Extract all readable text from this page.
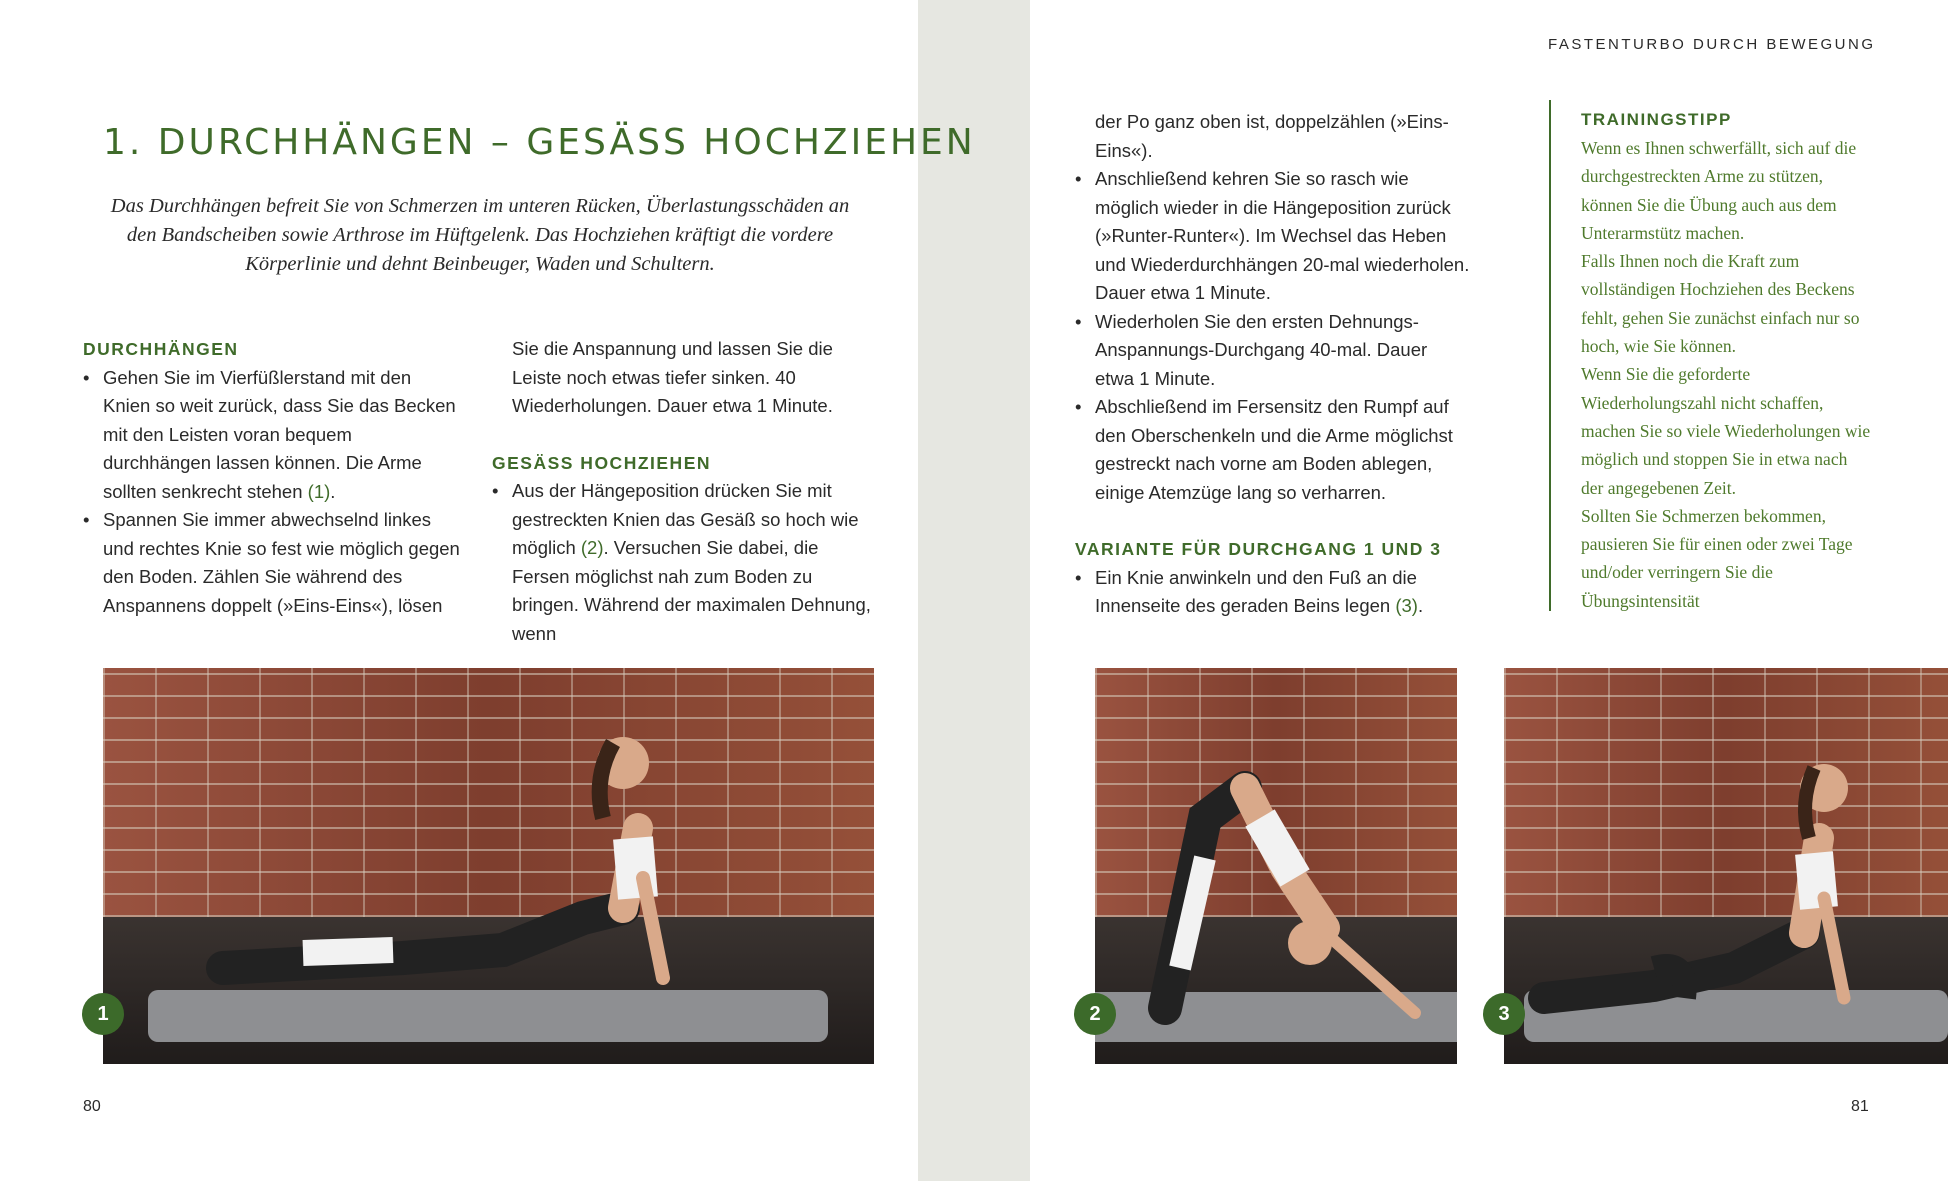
1. DURCHHÄNGEN – GESÄSS HOCHZIEHEN

Das Durchhängen befreit Sie von Schmerzen im unteren Rücken, Überlastungsschäden an den Bandscheiben sowie Arthrose im Hüftgelenk. Das Hochziehen kräftigt die vordere Körperlinie und dehnt Beinbeuger, Waden und Schultern.

DURCHHÄNGEN
• Gehen Sie im Vierfüßlerstand mit den Knien so weit zurück, dass Sie das Becken mit den Leisten voran bequem durchhängen lassen können. Die Arme sollten senkrecht stehen (1).
• Spannen Sie immer abwechselnd linkes und rechtes Knie so fest wie möglich gegen den Boden. Zählen Sie während des Anspannens doppelt (»Eins-Eins«), lösen

Sie die Anspannung und lassen Sie die Leiste noch etwas tiefer sinken. 40 Wiederholungen. Dauer etwa 1 Minute.

GESÄSS HOCHZIEHEN
• Aus der Hängeposition drücken Sie mit gestreckten Knien das Gesäß so hoch wie möglich (2). Versuchen Sie dabei, die Fersen möglichst nah zum Boden zu bringen. Während der maximalen Dehnung, wenn
1
80
FASTENTURBO DURCH BEWEGUNG

der Po ganz oben ist, doppelzählen (»Eins-Eins«).

• Anschließend kehren Sie so rasch wie möglich wieder in die Hängeposition zurück (»Runter-Runter«). Im Wechsel das Heben und Wiederdurchhängen 20-mal wiederholen. Dauer etwa 1 Minute.
• Wiederholen Sie den ersten Dehnungs-Anspannungs-Durchgang 40-mal. Dauer etwa 1 Minute.
• Abschließend im Fersensitz den Rumpf auf den Oberschenkeln und die Arme möglichst gestreckt nach vorne am Boden ablegen, einige Atemzüge lang so verharren.
VARIANTE FÜR DURCHGANG 1 UND 3
• Ein Knie anwinkeln und den Fuß an die Innenseite des geraden Beins legen (3).
TRAININGSTIPP

Wenn es Ihnen schwerfällt, sich auf die durchgestreckten Arme zu stützen, können Sie die Übung auch aus dem Unterarmstütz machen.

Falls Ihnen noch die Kraft zum vollständigen Hochziehen des Beckens fehlt, gehen Sie zunächst einfach nur so hoch, wie Sie können.

Wenn Sie die geforderte Wiederholungszahl nicht schaffen, machen Sie so viele Wiederholungen wie möglich und stoppen Sie in etwa nach der angegebenen Zeit.

Sollten Sie Schmerzen bekommen, pausieren Sie für einen oder zwei Tage und/oder verringern Sie die Übungsintensität

2	3
81
